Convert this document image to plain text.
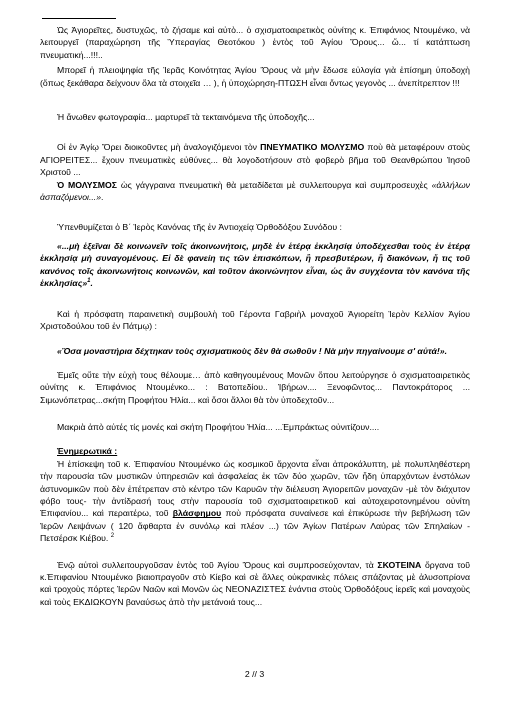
Ὡς Ἁγιορεῖτες, δυστυχῶς, τὸ ζήσαμε καὶ αὐτὸ... ὁ σχισματοαιρετικὸς οὐνίτης κ. Ἐπιφάνιος Ντουμένκο, νὰ λειτουργεῖ (παραχώρηση τῆς Ὑπεραγίας Θεοτόκου ) ἐντὸς τοῦ Ἁγίου Ὄρους... ὤ... τί κατάπτωση πνευματική...!!!..

Μπορεῖ ἡ πλειοψηφία τῆς Ἱερᾶς Κοινότητας Ἁγίου Ὄρους νὰ μὴν ἔδωσε εὐλογία γιὰ ἐπίσημη ὑποδοχὴ (ὅπως ξεκάθαρα δείχνουν ὅλα τὰ στοιχεῖα … ), ἡ ὑποχώρηση-ΠΤΩΣΗ εἶναι ὄντως γεγονὸς ... ἀνεπίτρεπτον !!!

Ἡ ἄνωθεν φωτογραφία... μαρτυρεῖ τὰ τεκταινόμενα τῆς ὑποδοχῆς...

Οἱ ἐν Ἁγίῳ Ὄρει διοικοῦντες μὴ ἀναλογιζόμενοι τὸν ΠΝΕΥΜΑΤΙΚΟ ΜΟΛΥΣΜΟ ποὺ θὰ μεταφέρουν στοὺς ΑΓΙΟΡΕΙΤΕΣ... ἔχουν πνευματικὲς εὐθύνες... θὰ λογοδοτήσουν στὸ φοβερὸ βῆμα τοῦ Θεανθρώπου Ἰησοῦ Χριστοῦ ...

Ὁ ΜΟΛΥΣΜΟΣ ὡς γάγγραινα πνευματικὴ θὰ μεταδίδεται μὲ συλλειτουργα καὶ συμπροσευχὲς «ἀλλήλων ἀσπαζόμενοι...».

Ὑπενθυμίζεται ὁ Β΄ Ἱερὸς Κανόνας τῆς ἐν Ἀντιοχείᾳ Ὀρθοδόξου Συνόδου :

«...μὴ ἐξεῖναι δὲ κοινωνεῖν τοῖς ἀκοινωνήτοις, μηδὲ ἐν ἑτέρᾳ ἐκκλησίᾳ ὑποδέχεσθαι τοὺς ἐν ἑτέρᾳ ἐκκλησίᾳ μὴ συναγομένους. Εἰ δὲ φανείη τις τῶν ἐπισκόπων, ἢ πρεσβυτέρων, ἢ διακόνων, ἤ τις τοῦ κανόνος τοῖς ἀκοινωνήτοις κοινωνῶν, καὶ τοῦτον ἀκοινώνητον εἶναι, ὡς ἂν συγχέοντα τὸν κανόνα τῆς ἐκκλησίας»$^1$.

Καὶ ἡ πρόσφατη παραινετικὴ συμβουλὴ τοῦ Γέροντα Γαβριὴλ μοναχοῦ Ἁγιορείτη Ἱερὸν Κελλίον Ἁγίου Χριστοδούλου τοῦ ἐν Πάτμῳ) :

«Ὅσα μοναστήρια δέχτηκαν τοὺς σχισματικοὺς δὲν θὰ σωθοῦν ! Νὰ μὴν πηγαίνουμε σ' αὐτά!».

Ἐμεῖς οὔτε τὴν εὐχὴ τους θέλουμε… ἀπὸ καθηγουμένους Μονῶν ὅπου λειτούργησε ὁ σχισματοαιρετικὸς οὐνίτης κ. Ἐπιφάνιος Ντουμένκο... : Βατοπεδίου.. Ἰβήρων.... Ξενοφῶντος... Παντοκράτορος ... Σιμωνόπετρας...σκήτη Προφήτου Ἠλία... καὶ ὅσοι ἄλλοι θὰ τὸν ὑποδεχτοῦν...

Μακριὰ ἀπὸ αὐτές τίς μονές καὶ σκήτη Προφήτου Ἠλία... ...Ἐμπράκτως οὐνιτίζουν....

Ἐνημερωτικά :

Ἡ ἐπίσκεψη τοῦ κ. Ἐπιφανίου Ντουμένκο ὡς κοσμικοῦ ἄρχοντα εἶναι ἀπροκάλυπτη, μὲ πολυπληθέστερη τὴν παρουσία τῶν μυστικῶν ὑπηρεσιῶν καὶ ἀσφαλείας ἐκ τῶν δύο χωρῶν, τῶν ἤδη ὑπαρχόντων ἐνστόλων ἀστυνομικῶν ποὺ δὲν ἐπέτρεπαν στὸ κέντρο τῶν Καρυῶν τὴν διέλευση Ἁγιορειτῶν μοναχῶν -μὲ τὸν διάχυτον φόβο τους- τὴν ἀντίδρασή τους στὴν παρουσία τοῦ σχισματοαιρετικοῦ καὶ αὐτοχειροτονημένου οὐνίτη Ἐπιφανίου... καὶ περαιτέρω, τοῦ βλάσφημου ποὺ πρόσφατα συναίνεσε καὶ ἐπικύρωσε τὴν βεβήλωση τῶν Ἱερῶν Λειψάνων ( 120 ἄφθαρτα ἐν συνόλῳ καὶ πλέον ...) τῶν Ἁγίων Πατέρων Λαύρας τῶν Σπηλαίων - Πετσέρσκ Κιέβου. $^2$

Ἐνῷ αὐτοὶ συλλειτουργοῦσαν ἐντὸς τοῦ Ἁγίου Ὄρους καὶ συμπροσεύχονταν, τὰ ΣΚΟΤΕΙΝΑ ὄργανα τοῦ κ.Ἐπιφανίου Ντουμένκο βιαιοπραγοῦν στὸ Κίεβο καὶ σὲ ἄλλες οὐκρανικὲς πόλεις σπάζοντας μὲ ἁλυσοπρίονα καὶ τροχοὺς πόρτες Ἱερῶν Ναῶν καὶ Μονῶν ὡς ΝΕΟΝΑΖΙΣΤΕΣ ἐνάντια στοὺς Ὀρθοδόξους ἱερεῖς καὶ μοναχοὺς καὶ τοὺς ΕΚΔΙΩΚΟΥΝ βαναύσως ἀπὸ τὴν μετάνοιά τους...

2 // 3
